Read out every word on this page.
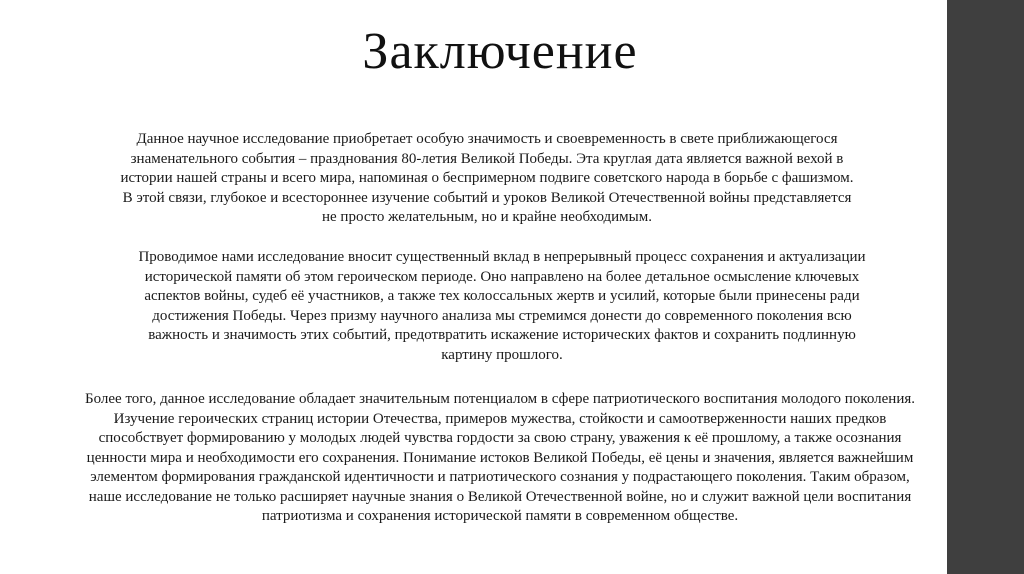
Заключение

Данное научное исследование приобретает особую значимость и своевременность в свете приближающегося знаменательного события – празднования 80-летия Великой Победы. Эта круглая дата является важной вехой в истории нашей страны и всего мира, напоминая о беспримерном подвиге советского народа в борьбе с фашизмом. В этой связи, глубокое и всестороннее изучение событий и уроков Великой Отечественной войны представляется не просто желательным, но и крайне необходимым.

Проводимое нами исследование вносит существенный вклад в непрерывный процесс сохранения и актуализации исторической памяти об этом героическом периоде. Оно направлено на более детальное осмысление ключевых аспектов войны, судеб её участников, а также тех колоссальных жертв и усилий, которые были принесены ради достижения Победы. Через призму научного анализа мы стремимся донести до современного поколения всю важность и значимость этих событий, предотвратить искажение исторических фактов и сохранить подлинную картину прошлого.

Более того, данное исследование обладает значительным потенциалом в сфере патриотического воспитания молодого поколения. Изучение героических страниц истории Отечества, примеров мужества, стойкости и самоотверженности наших предков способствует формированию у молодых людей чувства гордости за свою страну, уважения к её прошлому, а также осознания ценности мира и необходимости его сохранения. Понимание истоков Великой Победы, её цены и значения, является важнейшим элементом формирования гражданской идентичности и патриотического сознания у подрастающего поколения. Таким образом, наше исследование не только расширяет научные знания о Великой Отечественной войне, но и служит важной цели воспитания патриотизма и сохранения исторической памяти в современном обществе.
